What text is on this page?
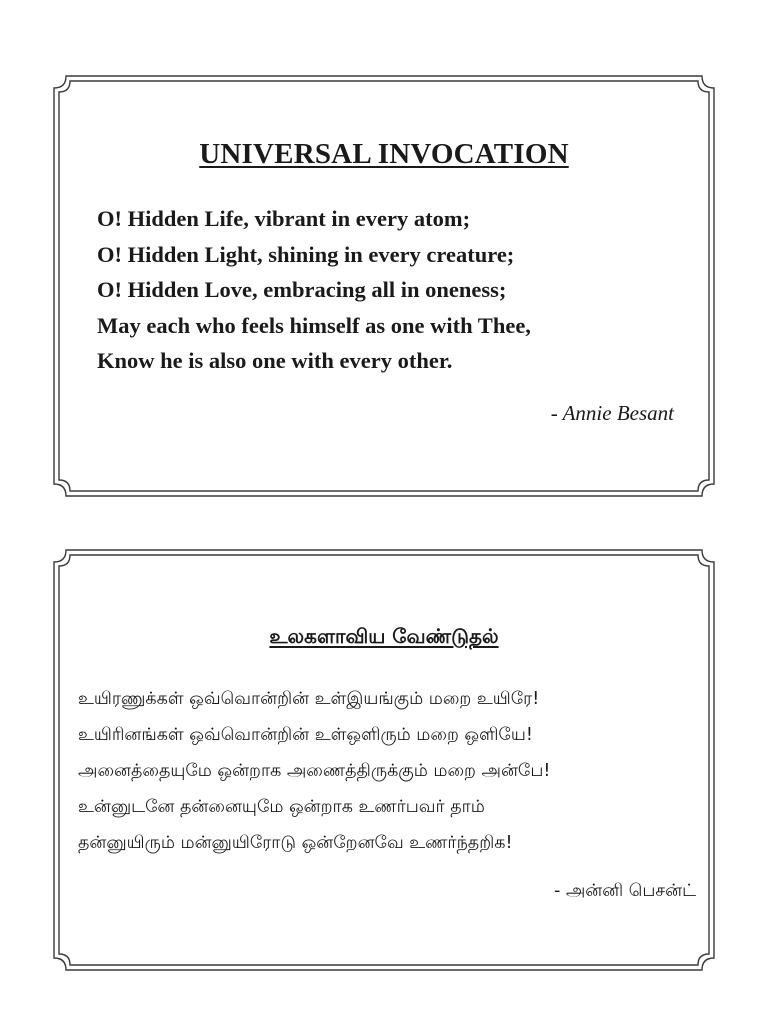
UNIVERSAL INVOCATION
O! Hidden Life, vibrant in every atom;
O! Hidden Light, shining in every creature;
O! Hidden Love, embracing all in oneness;
May each who feels himself as one with Thee,
Know he is also one with every other.
- Annie Besant
உலகளாவிய வேண்டுதல்
உயிரணுக்கள் ஒவ்வொன்றின் உள்இயங்கும் மறை உயிரே!
உயிரினங்கள் ஒவ்வொன்றின் உள்ஒளிரும் மறை ஒளியே!
அனைத்தையுமே ஒன்றாக அணைத்திருக்கும் மறை அன்பே!
உன்னுடனே தன்னையுமே ஒன்றாக உணர்பவர் தாம்
தன்னுயிரும் மன்னுயிரோடு ஒன்றேனவே உணர்ந்தறிக!
- அன்னி பெசன்ட்
